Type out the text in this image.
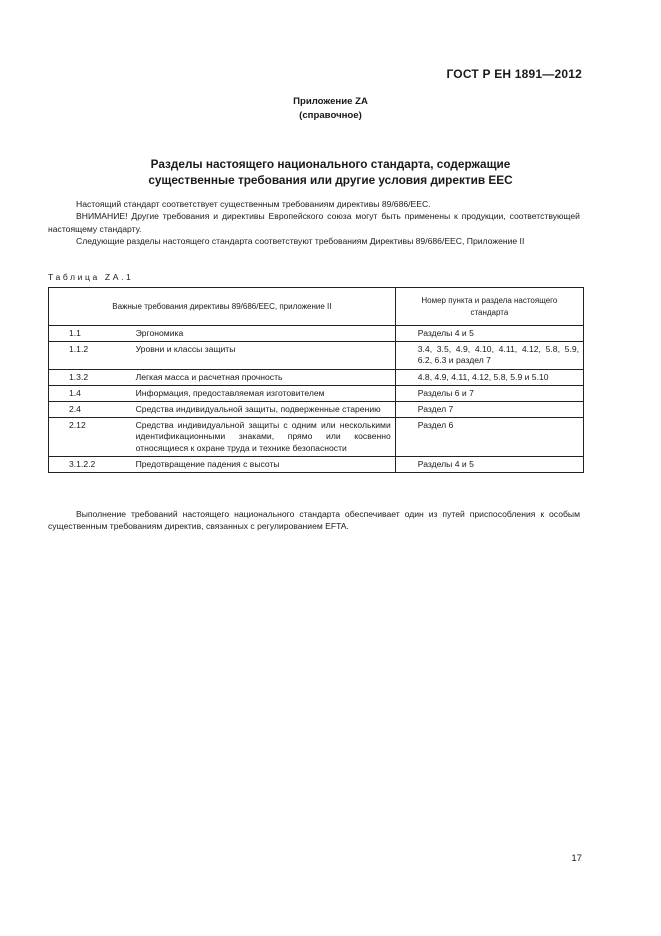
ГОСТ Р ЕН 1891—2012
Приложение ZA
(справочное)
Разделы настоящего национального стандарта, содержащие
существенные требования или другие условия директив EEC

Настоящий стандарт соответствует существенным требованиям директивы 89/686/EEC.

ВНИМАНИЕ! Другие требования и директивы Европейского союза могут быть применены к продукции, соответствующей настоящему стандарту.

Следующие разделы настоящего стандарта соответствуют требованиям Директивы 89/686/EEC, Приложение II

Таблица ZA.1
Важные требования директивы 89/686/EEC, приложение II		Номер пункта и раздела настоящего стандарта
1.1	Эргономика	Разделы 4 и 5
1.1.2	Уровни и классы защиты	3.4, 3.5, 4.9, 4.10, 4.11, 4.12, 5.8, 5.9, 6.2, 6.3 и раздел 7
1.3.2	Легкая масса и расчетная прочность	4.8, 4.9, 4.11, 4.12, 5.8, 5.9 и 5.10
1.4	Информация, предоставляемая изготовителем	Разделы 6 и 7
2.4	Средства индивидуальной защиты, подверженные старению	Раздел 7
2.12	Средства индивидуальной защиты с одним или несколькими идентификационными знаками, прямо или косвенно относящиеся к охране труда и технике безопасности	Раздел 6
3.1.2.2	Предотвращение падения с высоты	Разделы 4 и 5

Выполнение требований настоящего национального стандарта обеспечивает один из путей приспособления к особым существенным требованиям директив, связанных с регулированием EFTA.

17
